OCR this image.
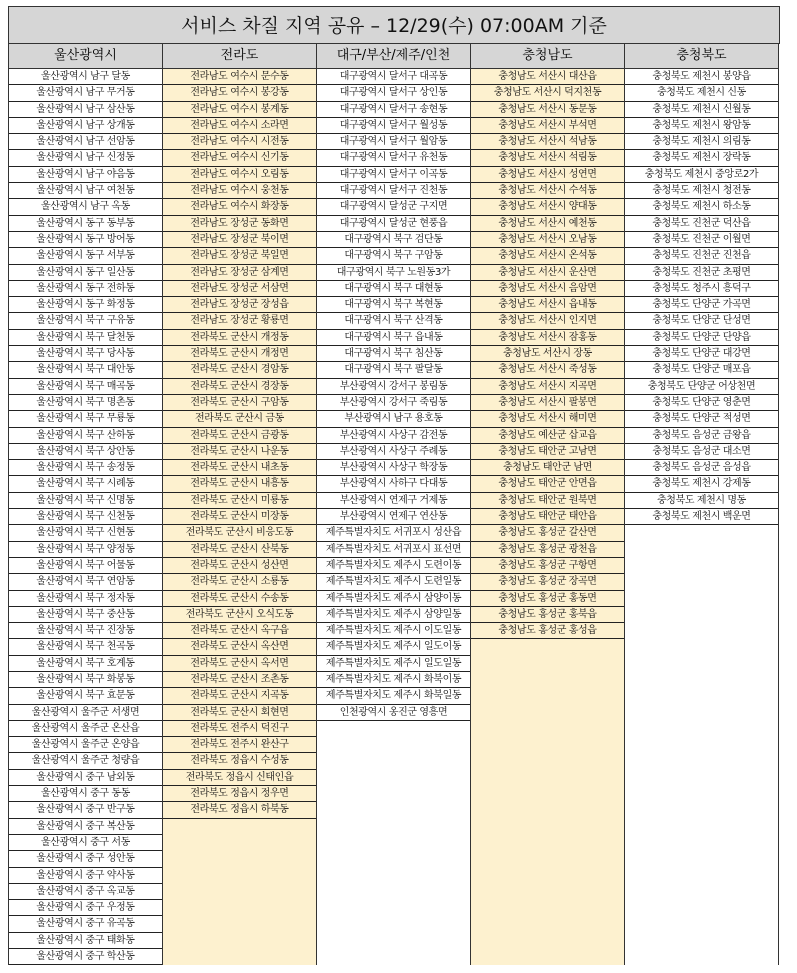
서비스 차질 지역 공유 – 12/29(수) 07:00AM 기준
울산광역시
울산광역시 남구 달동
울산광역시 남구 무거동
울산광역시 남구 삼산동
울산광역시 남구 상개동
울산광역시 남구 선암동
울산광역시 남구 신정동
울산광역시 남구 야음동
울산광역시 남구 여천동
울산광역시 남구 옥동
울산광역시 동구 동부동
울산광역시 동구 방어동
울산광역시 동구 서부동
울산광역시 동구 일산동
울산광역시 동구 전하동
울산광역시 동구 화정동
울산광역시 북구 구유동
울산광역시 북구 달천동
울산광역시 북구 당사동
울산광역시 북구 대안동
울산광역시 북구 매곡동
울산광역시 북구 명촌동
울산광역시 북구 무룡동
울산광역시 북구 산하동
울산광역시 북구 상안동
울산광역시 북구 송정동
울산광역시 북구 시례동
울산광역시 북구 신명동
울산광역시 북구 신천동
울산광역시 북구 신현동
울산광역시 북구 양정동
울산광역시 북구 어물동
울산광역시 북구 연암동
울산광역시 북구 정자동
울산광역시 북구 중산동
울산광역시 북구 진장동
울산광역시 북구 천곡동
울산광역시 북구 호계동
울산광역시 북구 화봉동
울산광역시 북구 효문동
울산광역시 울주군 서생면
울산광역시 울주군 온산읍
울산광역시 울주군 온양읍
울산광역시 울주군 청량읍
울산광역시 중구 남외동
울산광역시 중구 동동
울산광역시 중구 반구동
울산광역시 중구 복산동
울산광역시 중구 서동
울산광역시 중구 성안동
울산광역시 중구 약사동
울산광역시 중구 옥교동
울산광역시 중구 우정동
울산광역시 중구 유곡동
울산광역시 중구 태화동
울산광역시 중구 학산동
전라도
전라남도 여수시 문수동
전라남도 여수시 봉강동
전라남도 여수시 봉계동
전라남도 여수시 소라면
전라남도 여수시 시전동
전라남도 여수시 신기동
전라남도 여수시 오림동
전라남도 여수시 웅천동
전라남도 여수시 화장동
전라남도 장성군 동화면
전라남도 장성군 북이면
전라남도 장성군 북일면
전라남도 장성군 삼계면
전라남도 장성군 서삼면
전라남도 장성군 장성읍
전라남도 장성군 황룡면
전라북도 군산시 개정동
전라북도 군산시 개정면
전라북도 군산시 경암동
전라북도 군산시 경장동
전라북도 군산시 구암동
전라북도 군산시 금동
전라북도 군산시 금광동
전라북도 군산시 나운동
전라북도 군산시 내초동
전라북도 군산시 내흥동
전라북도 군산시 미룡동
전라북도 군산시 미장동
전라북도 군산시 비응도동
전라북도 군산시 산북동
전라북도 군산시 성산면
전라북도 군산시 소룡동
전라북도 군산시 수송동
전라북도 군산시 오식도동
전라북도 군산시 옥구읍
전라북도 군산시 옥산면
전라북도 군산시 옥서면
전라북도 군산시 조촌동
전라북도 군산시 지곡동
전라북도 군산시 회현면
전라북도 전주시 덕진구
전라북도 전주시 완산구
전라북도 정읍시 수성동
전라북도 정읍시 신태인읍
전라북도 정읍시 정우면
전라북도 정읍시 하북동
대구/부산/제주/인천
대구광역시 달서구 대곡동
대구광역시 달서구 상인동
대구광역시 달서구 송현동
대구광역시 달서구 월성동
대구광역시 달서구 월암동
대구광역시 달서구 유천동
대구광역시 달서구 이곡동
대구광역시 달서구 진천동
대구광역시 달성군 구지면
대구광역시 달성군 현풍읍
대구광역시 북구 검단동
대구광역시 북구 구암동
대구광역시 북구 노원동3가
대구광역시 북구 대현동
대구광역시 북구 복현동
대구광역시 북구 산격동
대구광역시 북구 읍내동
대구광역시 북구 침산동
대구광역시 북구 팔달동
부산광역시 강서구 봉림동
부산광역시 강서구 죽림동
부산광역시 남구 용호동
부산광역시 사상구 감전동
부산광역시 사상구 주례동
부산광역시 사상구 학장동
부산광역시 사하구 다대동
부산광역시 연제구 거제동
부산광역시 연제구 연산동
제주특별자치도 서귀포시 성산읍
제주특별자치도 서귀포시 표선면
제주특별자치도 제주시 도련이동
제주특별자치도 제주시 도련일동
제주특별자치도 제주시 삼양이동
제주특별자치도 제주시 삼양일동
제주특별자치도 제주시 이도일동
제주특별자치도 제주시 일도이동
제주특별자치도 제주시 일도일동
제주특별자치도 제주시 화북이동
제주특별자치도 제주시 화북일동
인천광역시 옹진군 영흥면
충청남도
충청남도 서산시 대산읍
충청남도 서산시 덕지천동
충청남도 서산시 동문동
충청남도 서산시 부석면
충청남도 서산시 석남동
충청남도 서산시 석림동
충청남도 서산시 성연면
충청남도 서산시 수석동
충청남도 서산시 양대동
충청남도 서산시 예천동
충청남도 서산시 오남동
충청남도 서산시 온석동
충청남도 서산시 운산면
충청남도 서산시 음암면
충청남도 서산시 읍내동
충청남도 서산시 인지면
충청남도 서산시 잠홍동
충청남도 서산시 장동
충청남도 서산시 죽성동
충청남도 서산시 지곡면
충청남도 서산시 팔봉면
충청남도 서산시 해미면
충청남도 예산군 삽교읍
충청남도 태안군 고남면
충청남도 태안군 남면
충청남도 태안군 안면읍
충청남도 태안군 원북면
충청남도 태안군 태안읍
충청남도 홍성군 갈산면
충청남도 홍성군 광천읍
충청남도 홍성군 구항면
충청남도 홍성군 장곡면
충청남도 홍성군 홍동면
충청남도 홍성군 홍북읍
충청남도 홍성군 홍성읍
충청북도
충청북도 제천시 봉양읍
충청북도 제천시 신동
충청북도 제천시 신월동
충청북도 제천시 왕암동
충청북도 제천시 의림동
충청북도 제천시 장락동
충청북도 제천시 중앙로2가
충청북도 제천시 청전동
충청북도 제천시 하소동
충청북도 진천군 덕산읍
충청북도 진천군 이월면
충청북도 진천군 진천읍
충청북도 진천군 초평면
충청북도 청주시 흥덕구
충청북도 단양군 가곡면
충청북도 단양군 단성면
충청북도 단양군 단양읍
충청북도 단양군 대강면
충청북도 단양군 매포읍
충청북도 단양군 어상천면
충청북도 단양군 영춘면
충청북도 단양군 적성면
충청북도 음성군 금왕읍
충청북도 음성군 대소면
충청북도 음성군 음성읍
충청북도 제천시 강제동
충청북도 제천시 명동
충청북도 제천시 백운면
